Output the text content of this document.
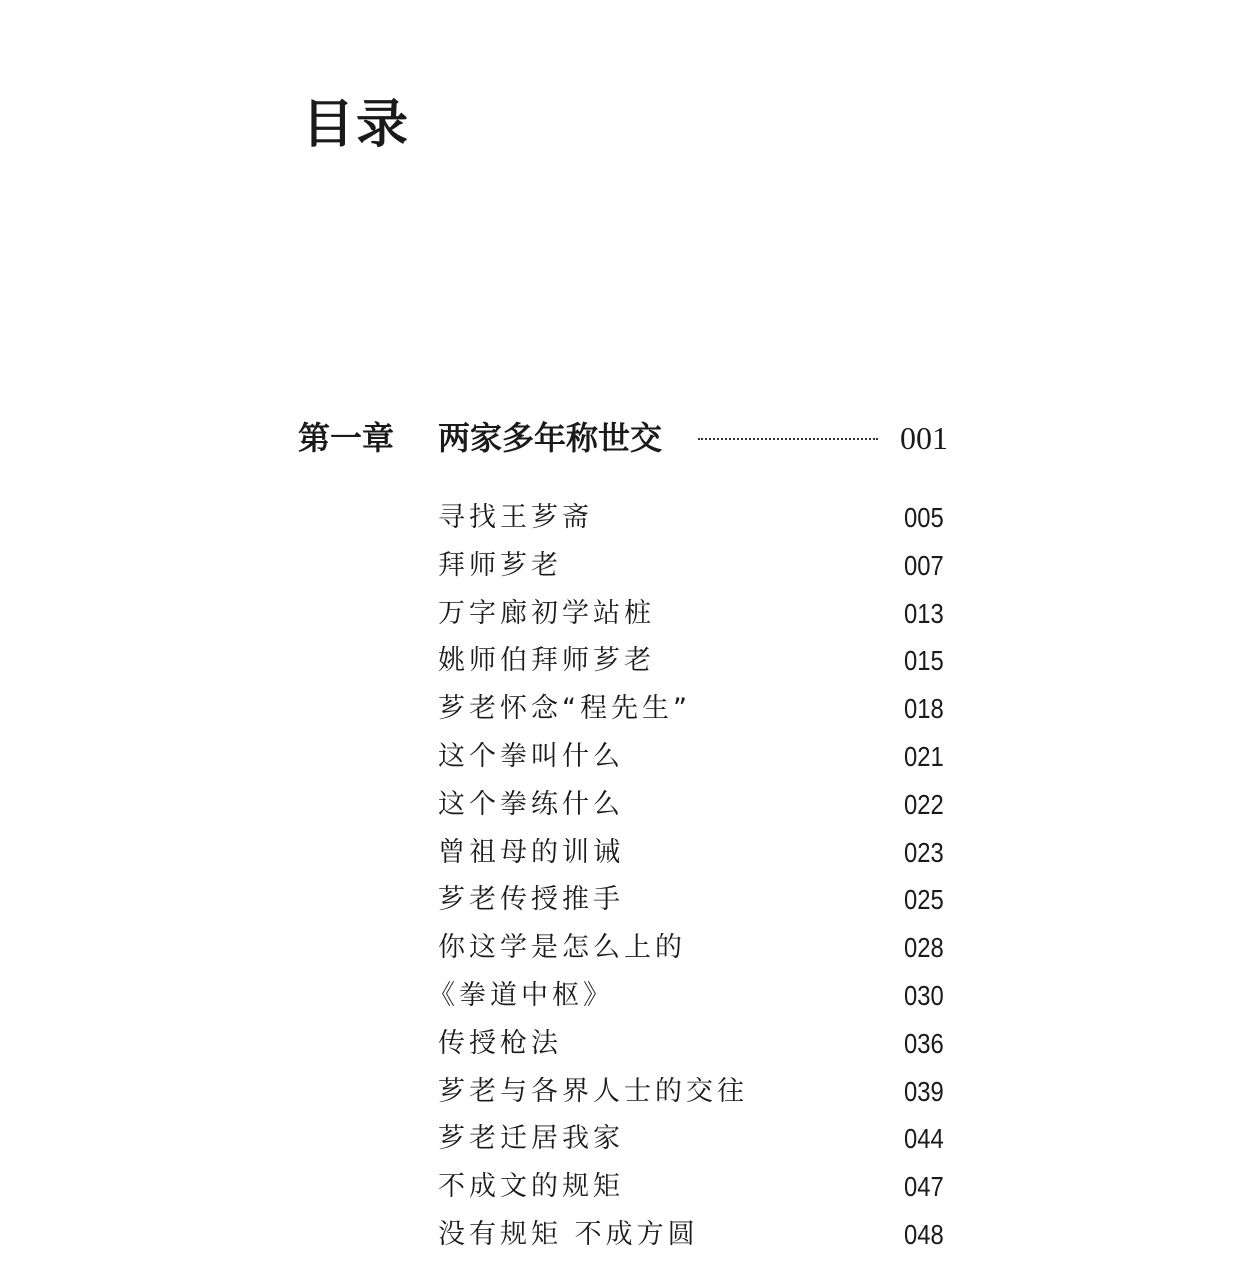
目录
第一章 两家多年称世交	001
寻找王芗斋	005
拜师芗老	007
万字廊初学站桩	013
姚师伯拜师芗老	015
芗老怀念“程先生”	018
这个拳叫什么	021
这个拳练什么	022
曾祖母的训诫	023
芗老传授推手	025
你这学是怎么上的	028
《拳道中枢》	030
传授枪法	036
芗老与各界人士的交往	039
芗老迁居我家	044
不成文的规矩	047
没有规矩 不成方圆	048
